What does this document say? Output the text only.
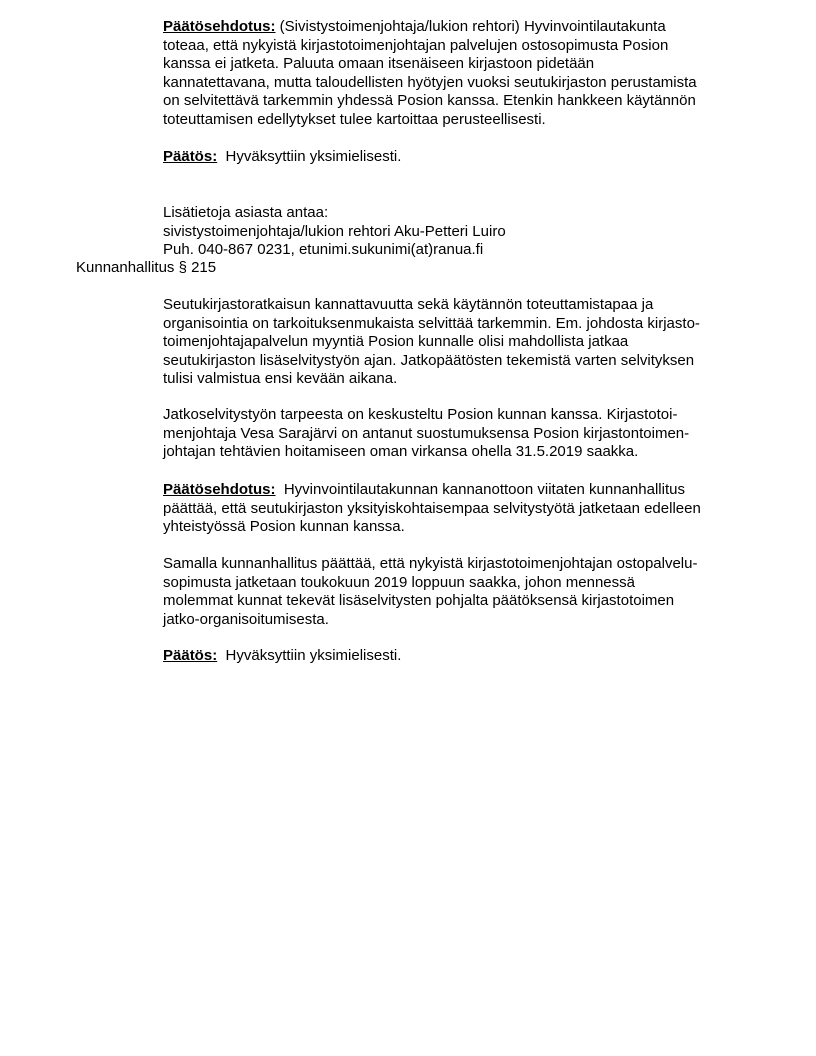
Päätösehdotus: (Sivistystoimenjohtaja/lukion rehtori) Hyvinvointilautakunta
toteaa, että nykyistä kirjastotoimenjohtajan palvelujen ostosopimusta Posion
kanssa ei jatketa. Paluuta omaan itsenäiseen kirjastoon pidetään
kannatettavana, mutta taloudellisten hyötyjen vuoksi seutukirjaston perustamista
on selvitettävä tarkemmin yhdessä Posion kanssa. Etenkin hankkeen käytännön
toteuttamisen edellytykset tulee kartoittaa perusteellisesti.
Päätös:  Hyväksyttiin yksimielisesti.
Lisätietoja asiasta antaa:
sivistystoimenjohtaja/lukion rehtori Aku-Petteri Luiro
Puh. 040-867 0231, etunimi.sukunimi(at)ranua.fi
Kunnanhallitus § 215
Seutukirjastoratkaisun kannattavuutta sekä käytännön toteuttamistapaa ja
organisointia on tarkoituksenmukaista selvittää tarkemmin. Em. johdosta kirjasto-
toimenjohtajapalvelun myyntiä Posion kunnalle olisi mahdollista jatkaa
seutukirjaston lisäselvitystyön ajan. Jatkopäätösten tekemistä varten selvityksen
tulisi valmistua ensi kevään aikana.
Jatkoselvitystyön tarpeesta on keskusteltu Posion kunnan kanssa. Kirjastotoi-
menjohtaja Vesa Sarajärvi on antanut suostumuksensa Posion kirjastontoimen-
johtajan tehtävien hoitamiseen oman virkansa ohella 31.5.2019 saakka.
Päätösehdotus:  Hyvinvointilautakunnan kannanottoon viitaten kunnanhallitus
päättää, että seutukirjaston yksityiskohtaisempaa selvitystyötä jatketaan edelleen
yhteistyössä Posion kunnan kanssa.
Samalla kunnanhallitus päättää, että nykyistä kirjastotoimenjohtajan ostopalvelu-
sopimusta jatketaan toukokuun 2019 loppuun saakka, johon mennessä
molemmat kunnat tekevät lisäselvitysten pohjalta päätöksensä kirjastotoimen
jatko-organisoitumisesta.
Päätös:  Hyväksyttiin yksimielisesti.
